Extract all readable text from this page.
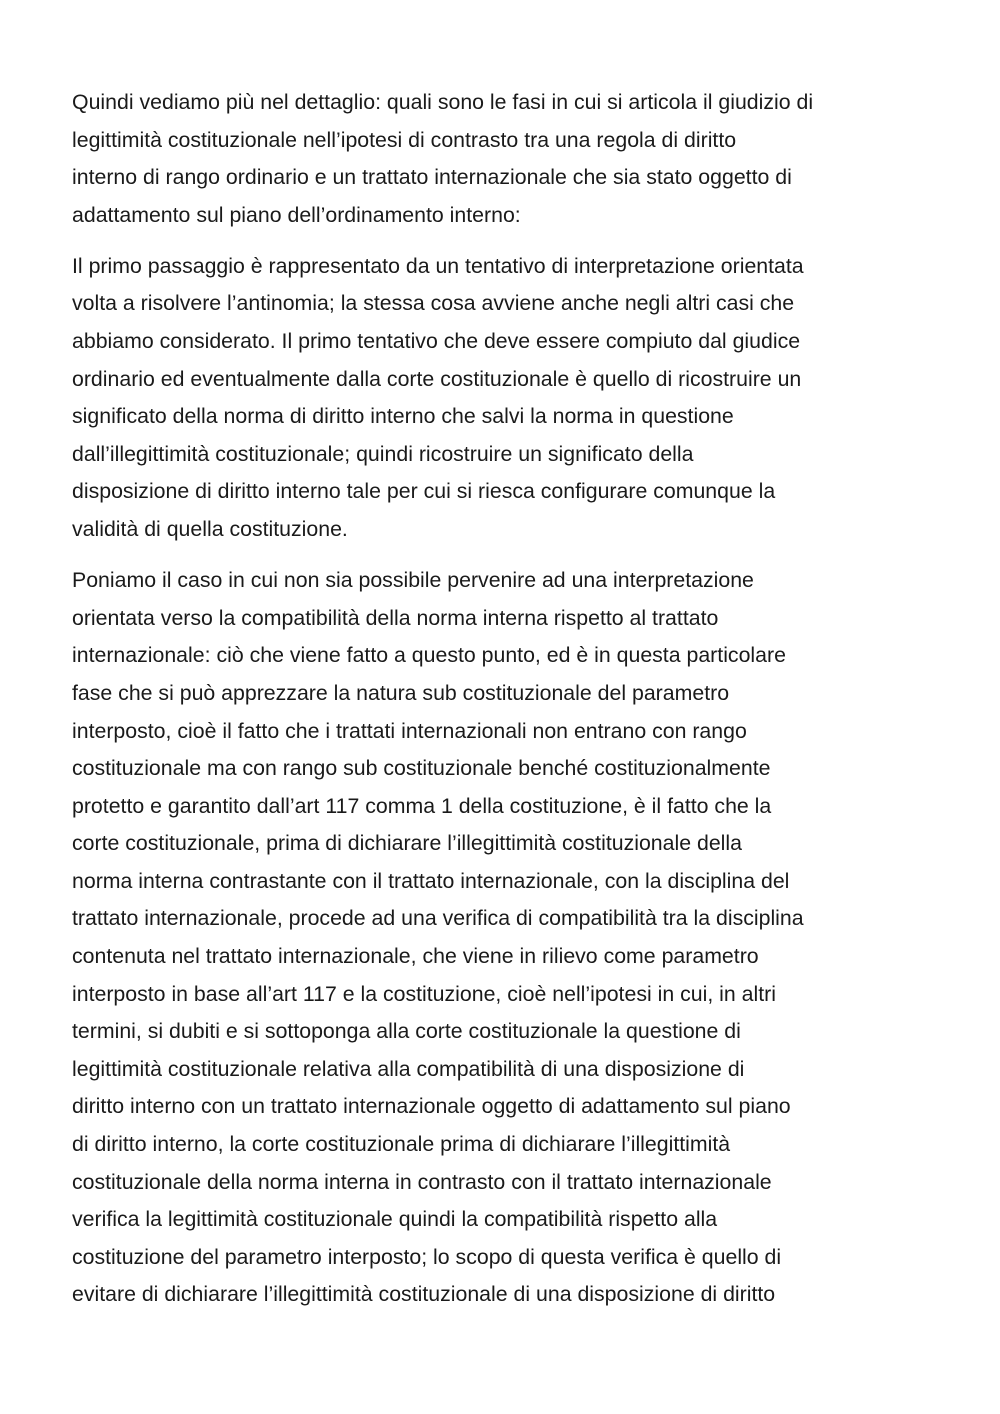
Quindi vediamo più nel dettaglio: quali sono le fasi in cui si articola il giudizio di
legittimità costituzionale nell’ipotesi di contrasto tra una regola di diritto
interno di rango ordinario e un trattato internazionale che sia stato oggetto di
adattamento sul piano dell’ordinamento interno:

Il primo passaggio è rappresentato da un tentativo di interpretazione orientata
volta a risolvere l’antinomia; la stessa cosa avviene anche negli altri casi che
abbiamo considerato. Il primo tentativo che deve essere compiuto dal giudice
ordinario ed eventualmente dalla corte costituzionale è quello di ricostruire un
significato della norma di diritto interno che salvi la norma in questione
dall’illegittimità costituzionale; quindi ricostruire un significato della
disposizione di diritto interno tale per cui si riesca configurare comunque la
validità di quella costituzione.

Poniamo il caso in cui non sia possibile pervenire ad una interpretazione
orientata verso la compatibilità della norma interna rispetto al trattato
internazionale: ciò che viene fatto a questo punto, ed è in questa particolare
fase che si può apprezzare la natura sub costituzionale del parametro
interposto, cioè il fatto che i trattati internazionali non entrano con rango
costituzionale ma con rango sub costituzionale benché costituzionalmente
protetto e garantito dall’art 117 comma 1 della costituzione, è il fatto che la
corte costituzionale, prima di dichiarare l’illegittimità costituzionale della
norma interna contrastante con il trattato internazionale, con la disciplina del
trattato internazionale, procede ad una verifica di compatibilità tra la disciplina
contenuta nel trattato internazionale, che viene in rilievo come parametro
interposto in base all’art 117 e la costituzione, cioè nell’ipotesi in cui, in altri
termini, si dubiti e si sottoponga alla corte costituzionale la questione di
legittimità costituzionale relativa alla compatibilità di una disposizione di
diritto interno con un trattato internazionale oggetto di adattamento sul piano
di diritto interno, la corte costituzionale prima di dichiarare l’illegittimità
costituzionale della norma interna in contrasto con il trattato internazionale
verifica la legittimità costituzionale quindi la compatibilità rispetto alla
costituzione del parametro interposto; lo scopo di questa verifica è quello di
evitare di dichiarare l’illegittimità costituzionale di una disposizione di diritto
